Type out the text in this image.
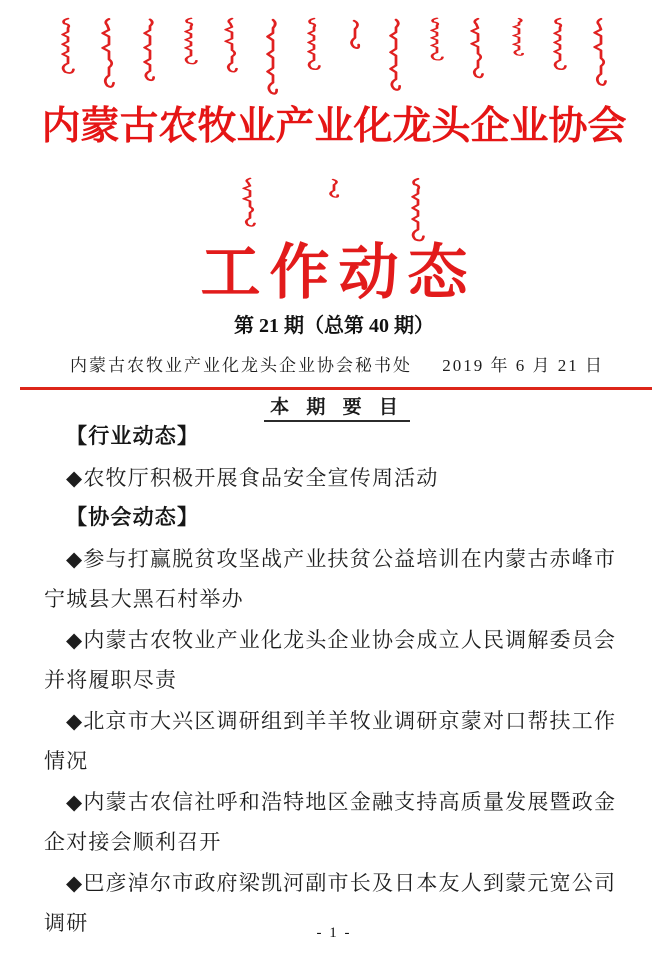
内蒙古农牧业产业化龙头企业协会
工作动态
第 21 期（总第 40 期）
内蒙古农牧业产业化龙头企业协会秘书处 2019 年 6 月 21 日
本 期 要 目

【行业动态】

◆农牧厅积极开展食品安全宣传周活动

【协会动态】

◆参与打赢脱贫攻坚战产业扶贫公益培训在内蒙古赤峰市宁城县大黑石村举办

◆内蒙古农牧业产业化龙头企业协会成立人民调解委员会并将履职尽责

◆北京市大兴区调研组到羊羊牧业调研京蒙对口帮扶工作情况

◆内蒙古农信社呼和浩特地区金融支持高质量发展暨政金企对接会顺利召开

◆巴彦淖尔市政府梁凯河副市长及日本友人到蒙元宽公司调研	- 1 -
